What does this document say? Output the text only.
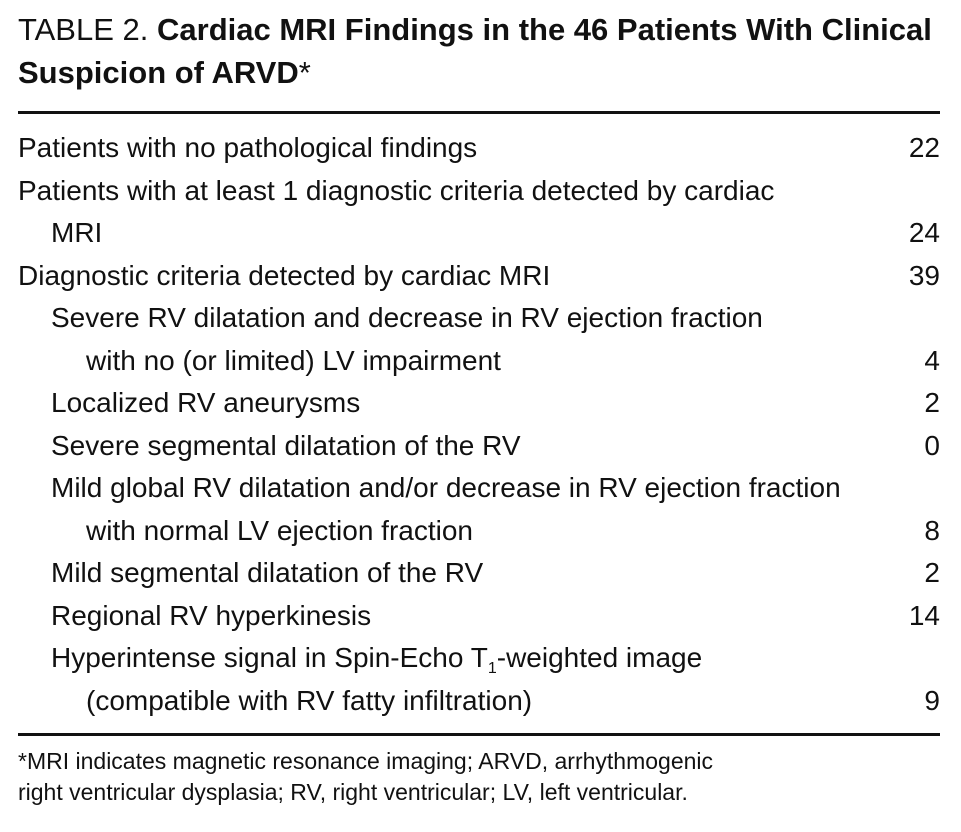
TABLE 2. Cardiac MRI Findings in the 46 Patients With Clinical Suspicion of ARVD*
Patients with no pathological findings	22
Patients with at least 1 diagnostic criteria detected by cardiac
MRI	24
Diagnostic criteria detected by cardiac MRI	39
Severe RV dilatation and decrease in RV ejection fraction
with no (or limited) LV impairment	4
Localized RV aneurysms	2
Severe segmental dilatation of the RV	0
Mild global RV dilatation and/or decrease in RV ejection fraction
with normal LV ejection fraction	8
Mild segmental dilatation of the RV	2
Regional RV hyperkinesis	14
Hyperintense signal in Spin-Echo $T_1$-weighted image
(compatible with RV fatty infiltration)	9
*MRI indicates magnetic resonance imaging; ARVD, arrhythmogenic
right ventricular dysplasia; RV, right ventricular; LV, left ventricular.
